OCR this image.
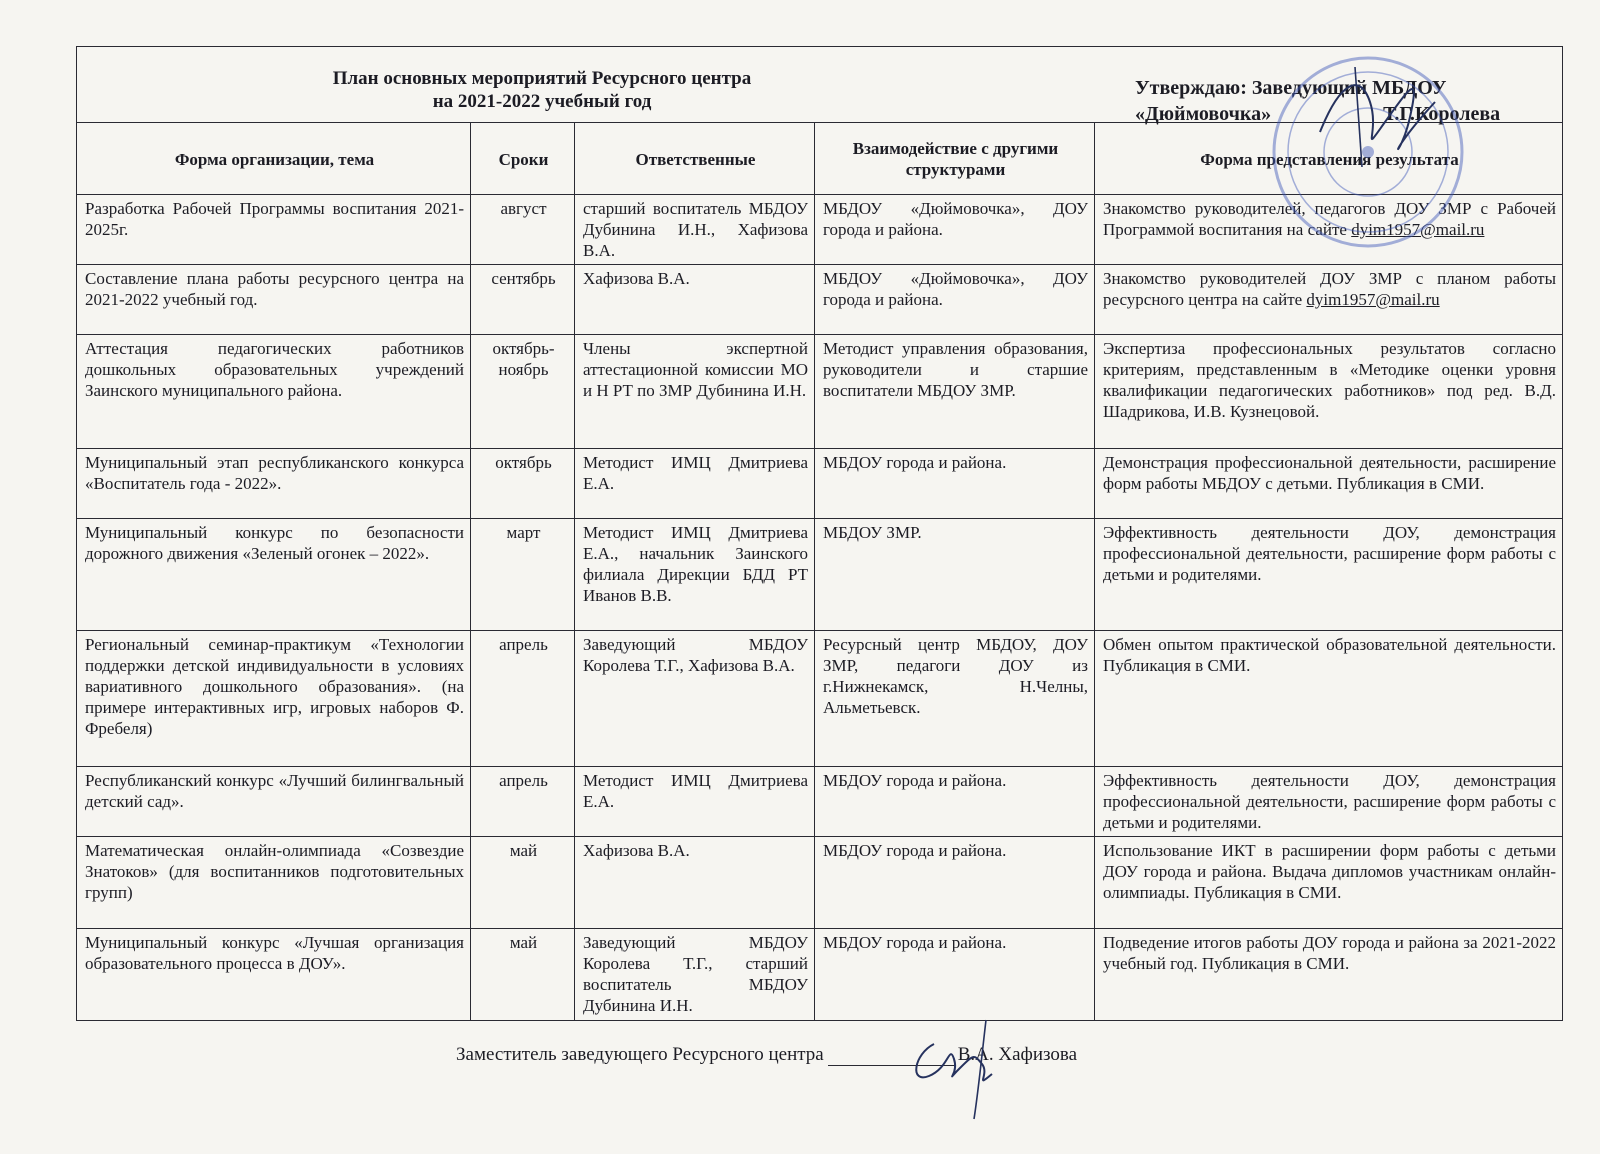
План основных мероприятий Ресурсного центра
на 2021-2022 учебный год
Утверждаю: Заведующий МБДОУ
«Дюймовочка» Т.Г.Королева				

Форма организации, тема	Сроки	Ответственные	Взаимодействие с другими структурами	Форма представления результата
Разработка Рабочей Программы воспитания 2021-2025г.	август	старший воспитатель МБДОУ Дубинина И.Н., Хафизова В.А.	МБДОУ «Дюймовочка», ДОУ города и района.	Знакомство руководителей, педагогов ДОУ ЗМР с Рабочей Программой воспитания на сайте dyim1957@mail.ru
Составление плана работы ресурсного центра на 2021-2022 учебный год.	сентябрь	Хафизова В.А.	МБДОУ «Дюймовочка», ДОУ города и района.	Знакомство руководителей ДОУ ЗМР с планом работы ресурсного центра на сайте dyim1957@mail.ru
Аттестация педагогических работников дошкольных образовательных учреждений Заинского муниципального района.	октябрь-ноябрь	Члены экспертной аттестационной комиссии МО и Н РТ по ЗМР Дубинина И.Н.	Методист управления образования, руководители и старшие воспитатели МБДОУ ЗМР.	Экспертиза профессиональных результатов согласно критериям, представленным в «Методике оценки уровня квалификации педагогических работников» под ред. В.Д. Шадрикова, И.В. Кузнецовой.
Муниципальный этап республиканского конкурса «Воспитатель года - 2022».	октябрь	Методист ИМЦ Дмитриева Е.А.	МБДОУ города и района.	Демонстрация профессиональной деятельности, расширение форм работы МБДОУ с детьми. Публикация в СМИ.
Муниципальный конкурс по безопасности дорожного движения «Зеленый огонек – 2022».	март	Методист ИМЦ Дмитриева Е.А., начальник Заинского филиала Дирекции БДД РТ Иванов В.В.	МБДОУ ЗМР.	Эффективность деятельности ДОУ, демонстрация профессиональной деятельности, расширение форм работы с детьми и родителями.
Региональный семинар-практикум «Технологии поддержки детской индивидуальности в условиях вариативного дошкольного образования». (на примере интерактивных игр, игровых наборов Ф. Фребеля)	апрель	Заведующий МБДОУ Королева Т.Г., Хафизова В.А.	Ресурсный центр МБДОУ, ДОУ ЗМР, педагоги ДОУ из г.Нижнекамск, Н.Челны, Альметьевск.	Обмен опытом практической образовательной деятельности. Публикация в СМИ.
Республиканский конкурс «Лучший билингвальный детский сад».	апрель	Методист ИМЦ Дмитриева Е.А.	МБДОУ города и района.	Эффективность деятельности ДОУ, демонстрация профессиональной деятельности, расширение форм работы с детьми и родителями.
Математическая онлайн-олимпиада «Созвездие Знатоков» (для воспитанников подготовительных групп)	май	Хафизова В.А.	МБДОУ города и района.	Использование ИКТ в расширении форм работы с детьми ДОУ города и района. Выдача дипломов участникам онлайн-олимпиады. Публикация в СМИ.
Муниципальный конкурс «Лучшая организация образовательного процесса в ДОУ».	май	Заведующий МБДОУ Королева Т.Г., старший воспитатель МБДОУ Дубинина И.Н.	МБДОУ города и района.	Подведение итогов работы ДОУ города и района за 2021-2022 учебный год. Публикация в СМИ.
Заместитель заведующего Ресурсного центра	В.А. Хафизова
